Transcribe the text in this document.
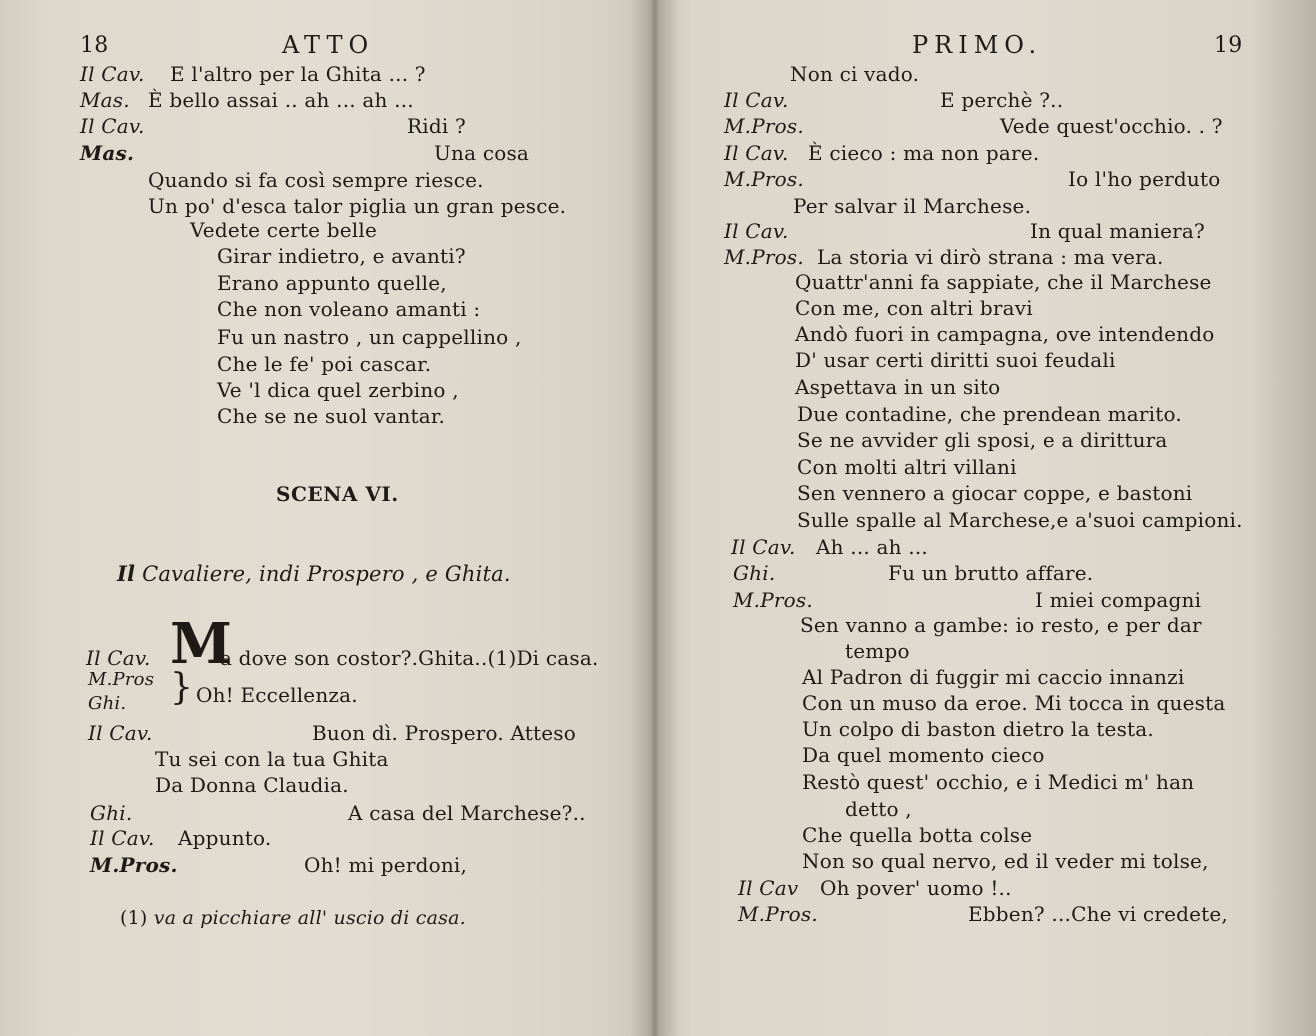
18	ATTO
Il Cav. E l'altro per la Ghita ... ?
Mas. È bello assai .. ah ... ah ...
Il Cav.	Ridi ?
Mas.	Una cosa
Quando si fa così sempre riesce.
Un po' d'esca talor piglia un gran pesce.
Vedete certe belle
Girar indietro, e avanti?
Erano appunto quelle,
Che non voleano amanti :
Fu un nastro , un cappellino ,
Che le fe' poi cascar.
Ve 'l dica quel zerbino ,
Che se ne suol vantar.
SCENA VI.
Il Cavaliere, indi Prospero , e Ghita.
Il Cav. M
a dove son costor?.Ghita..(1)Di casa.
M.Pros
Ghi. } Oh! Eccellenza.
Il Cav.	Buon dì. Prospero. Atteso
Tu sei con la tua Ghita
Da Donna Claudia.
Ghi.	A casa del Marchese?..
Il Cav. Appunto.
M.Pros.	Oh! mi perdoni,
(1) va a picchiare all' uscio di casa.
PRIMO.	19
Non ci vado.
Il Cav.	E perchè ?..
M.Pros.	Vede quest'occhio. . ?
Il Cav. È cieco : ma non pare.
M.Pros.	Io l'ho perduto
Per salvar il Marchese.
Il Cav.	In qual maniera?
M.Pros. La storia vi dirò strana : ma vera.
Quattr'anni fa sappiate, che il Marchese
Con me, con altri bravi
Andò fuori in campagna, ove intendendo
D' usar certi diritti suoi feudali
Aspettava in un sito
Due contadine, che prendean marito.
Se ne avvider gli sposi, e a dirittura
Con molti altri villani
Sen vennero a giocar coppe, e bastoni
Sulle spalle al Marchese,e a'suoi campioni.
Il Cav. Ah ... ah ...
Ghi.	Fu un brutto affare.
M.Pros.	I miei compagni
Sen vanno a gambe: io resto, e per dar
tempo
Al Padron di fuggir mi caccio innanzi
Con un muso da eroe. Mi tocca in questa
Un colpo di baston dietro la testa.
Da quel momento cieco
Restò quest' occhio, e i Medici m' han
detto ,
Che quella botta colse
Non so qual nervo, ed il veder mi tolse,
Il Cav Oh pover' uomo !..
M.Pros.	Ebben? ...Che vi credete,
